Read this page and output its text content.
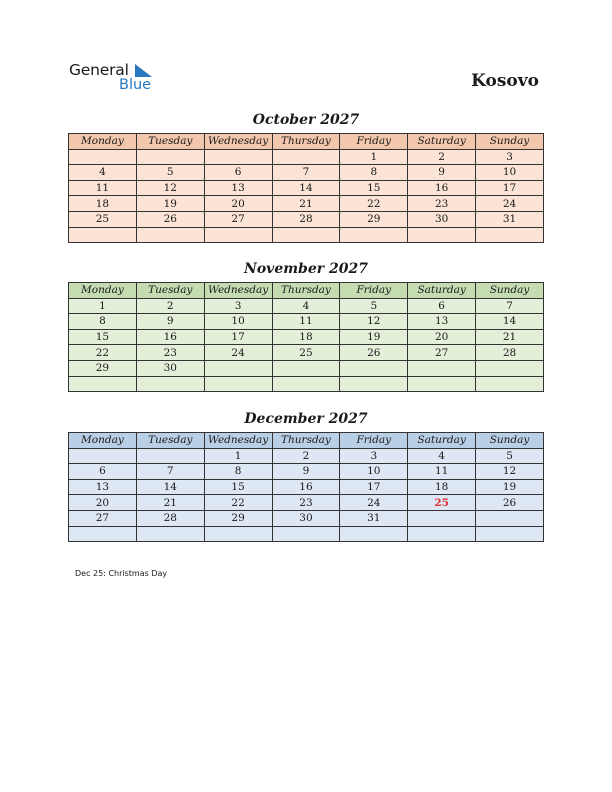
General
Blue	Kosovo
October 2027
Monday	Tuesday	Wednesday	Thursday	Friday	Saturday	Sunday
				1	2	3
4	5	6	7	8	9	10
11	12	13	14	15	16	17
18	19	20	21	22	23	24
25	26	27	28	29	30	31

November 2027
Monday	Tuesday	Wednesday	Thursday	Friday	Saturday	Sunday
1	2	3	4	5	6	7
8	9	10	11	12	13	14
15	16	17	18	19	20	21
22	23	24	25	26	27	28
29	30					

December 2027
Monday	Tuesday	Wednesday	Thursday	Friday	Saturday	Sunday
		1	2	3	4	5
6	7	8	9	10	11	12
13	14	15	16	17	18	19
20	21	22	23	24	25	26
27	28	29	30	31		

Dec 25: Christmas Day
